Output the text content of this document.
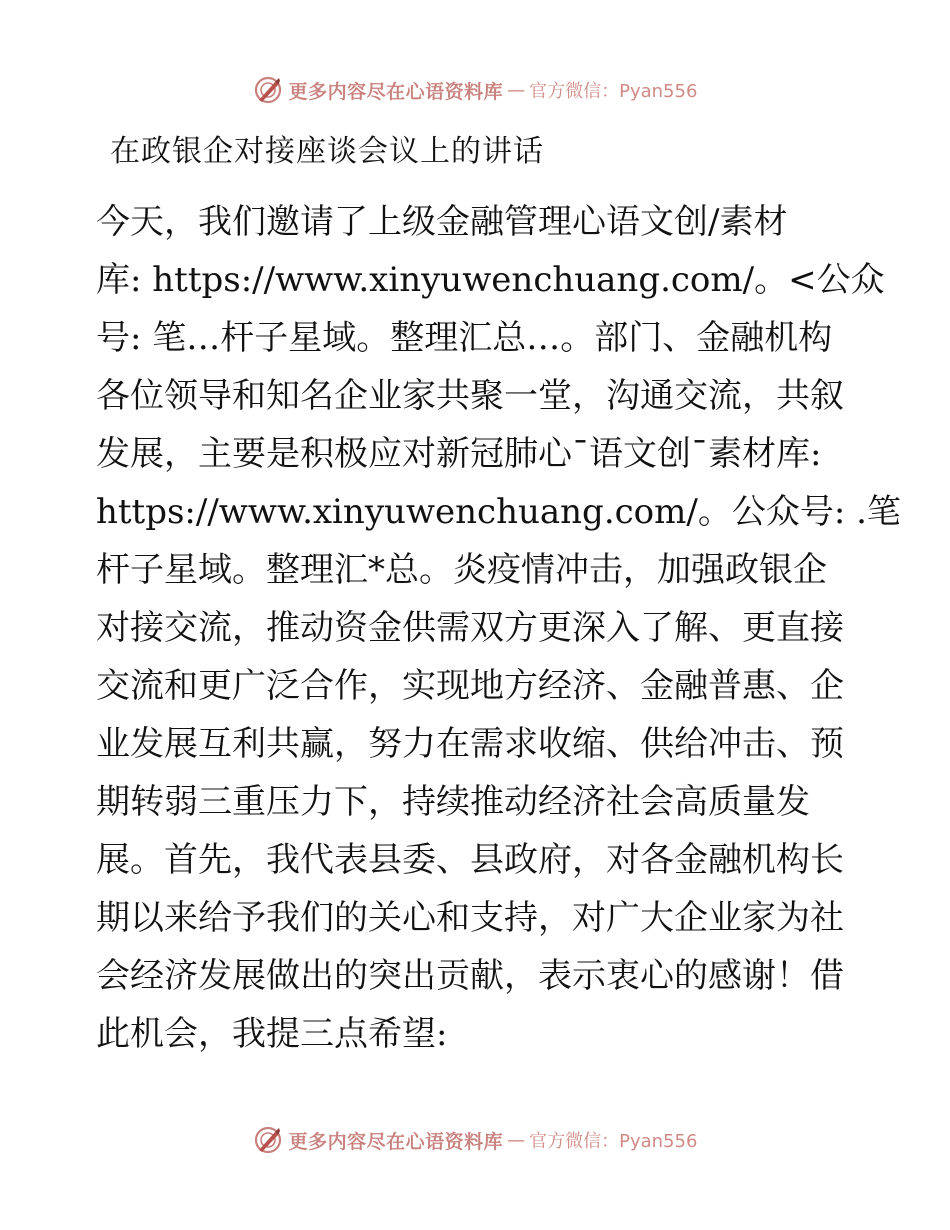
更多内容尽在心语资料库 — 官方微信：Pyan556
在政银企对接座谈会议上的讲话
今天，我们邀请了上级金融管理心语文创/素材
库: https://www.xinyuwenchuang.com/。<公众
号: 笔…杆子星域。整理汇总…。部门、金融机构
各位领导和知名企业家共聚一堂，沟通交流，共叙
发展，主要是积极应对新冠肺心¯语文创¯素材库:
https://www.xinyuwenchuang.com/。公众号: .笔
杆子星域。整理汇*总。炎疫情冲击，加强政银企
对接交流，推动资金供需双方更深入了解、更直接
交流和更广泛合作，实现地方经济、金融普惠、企
业发展互利共赢，努力在需求收缩、供给冲击、预
期转弱三重压力下，持续推动经济社会高质量发
展。首先，我代表县委、县政府，对各金融机构长
期以来给予我们的关心和支持，对广大企业家为社
会经济发展做出的突出贡献，表示衷心的感谢！借
此机会，我提三点希望:
更多内容尽在心语资料库 — 官方微信：Pyan556
